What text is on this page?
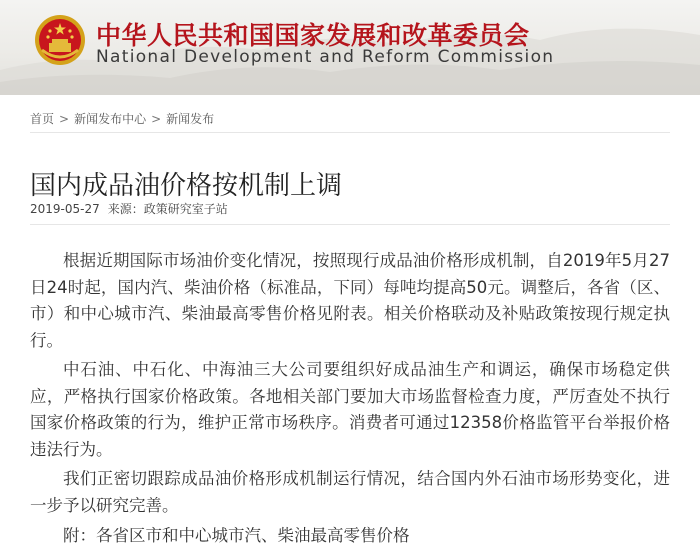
中华人民共和国国家发展和改革委员会
National Development and Reform Commission
首页 > 新闻发布中心 > 新闻发布
国内成品油价格按机制上调
2019-05-27 来源：政策研究室子站

根据近期国际市场油价变化情况，按照现行成品油价格形成机制，自2019年5月27日24时起，国内汽、柴油价格（标准品，下同）每吨均提高50元。调整后，各省（区、市）和中心城市汽、柴油最高零售价格见附表。相关价格联动及补贴政策按现行规定执行。

中石油、中石化、中海油三大公司要组织好成品油生产和调运，确保市场稳定供应，严格执行国家价格政策。各地相关部门要加大市场监督检查力度，严厉查处不执行国家价格政策的行为，维护正常市场秩序。消费者可通过12358价格监管平台举报价格违法行为。

我们正密切跟踪成品油价格形成机制运行情况，结合国内外石油市场形势变化，进一步予以研究完善。

附：各省区市和中心城市汽、柴油最高零售价格
